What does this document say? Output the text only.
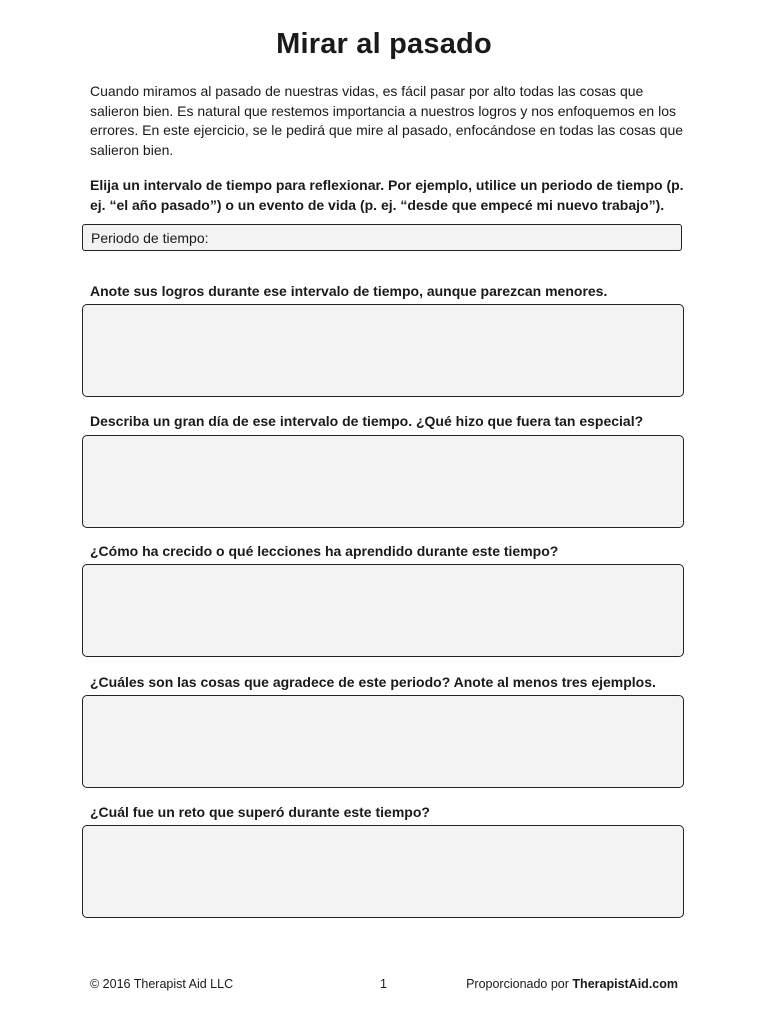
Mirar al pasado

Cuando miramos al pasado de nuestras vidas, es fácil pasar por alto todas las cosas que salieron bien. Es natural que restemos importancia a nuestros logros y nos enfoquemos en los errores. En este ejercicio, se le pedirá que mire al pasado, enfocándose en todas las cosas que salieron bien.

Elija un intervalo de tiempo para reflexionar. Por ejemplo, utilice un periodo de tiempo (p. ej. “el año pasado”) o un evento de vida (p. ej. “desde que empecé mi nuevo trabajo”).

Periodo de tiempo:

Anote sus logros durante ese intervalo de tiempo, aunque parezcan menores.

Describa un gran día de ese intervalo de tiempo. ¿Qué hizo que fuera tan especial?

¿Cómo ha crecido o qué lecciones ha aprendido durante este tiempo?

¿Cuáles son las cosas que agradece de este periodo? Anote al menos tres ejemplos.

¿Cuál fue un reto que superó durante este tiempo?

© 2016 Therapist Aid LLC	1	Proporcionado por TherapistAid.com
